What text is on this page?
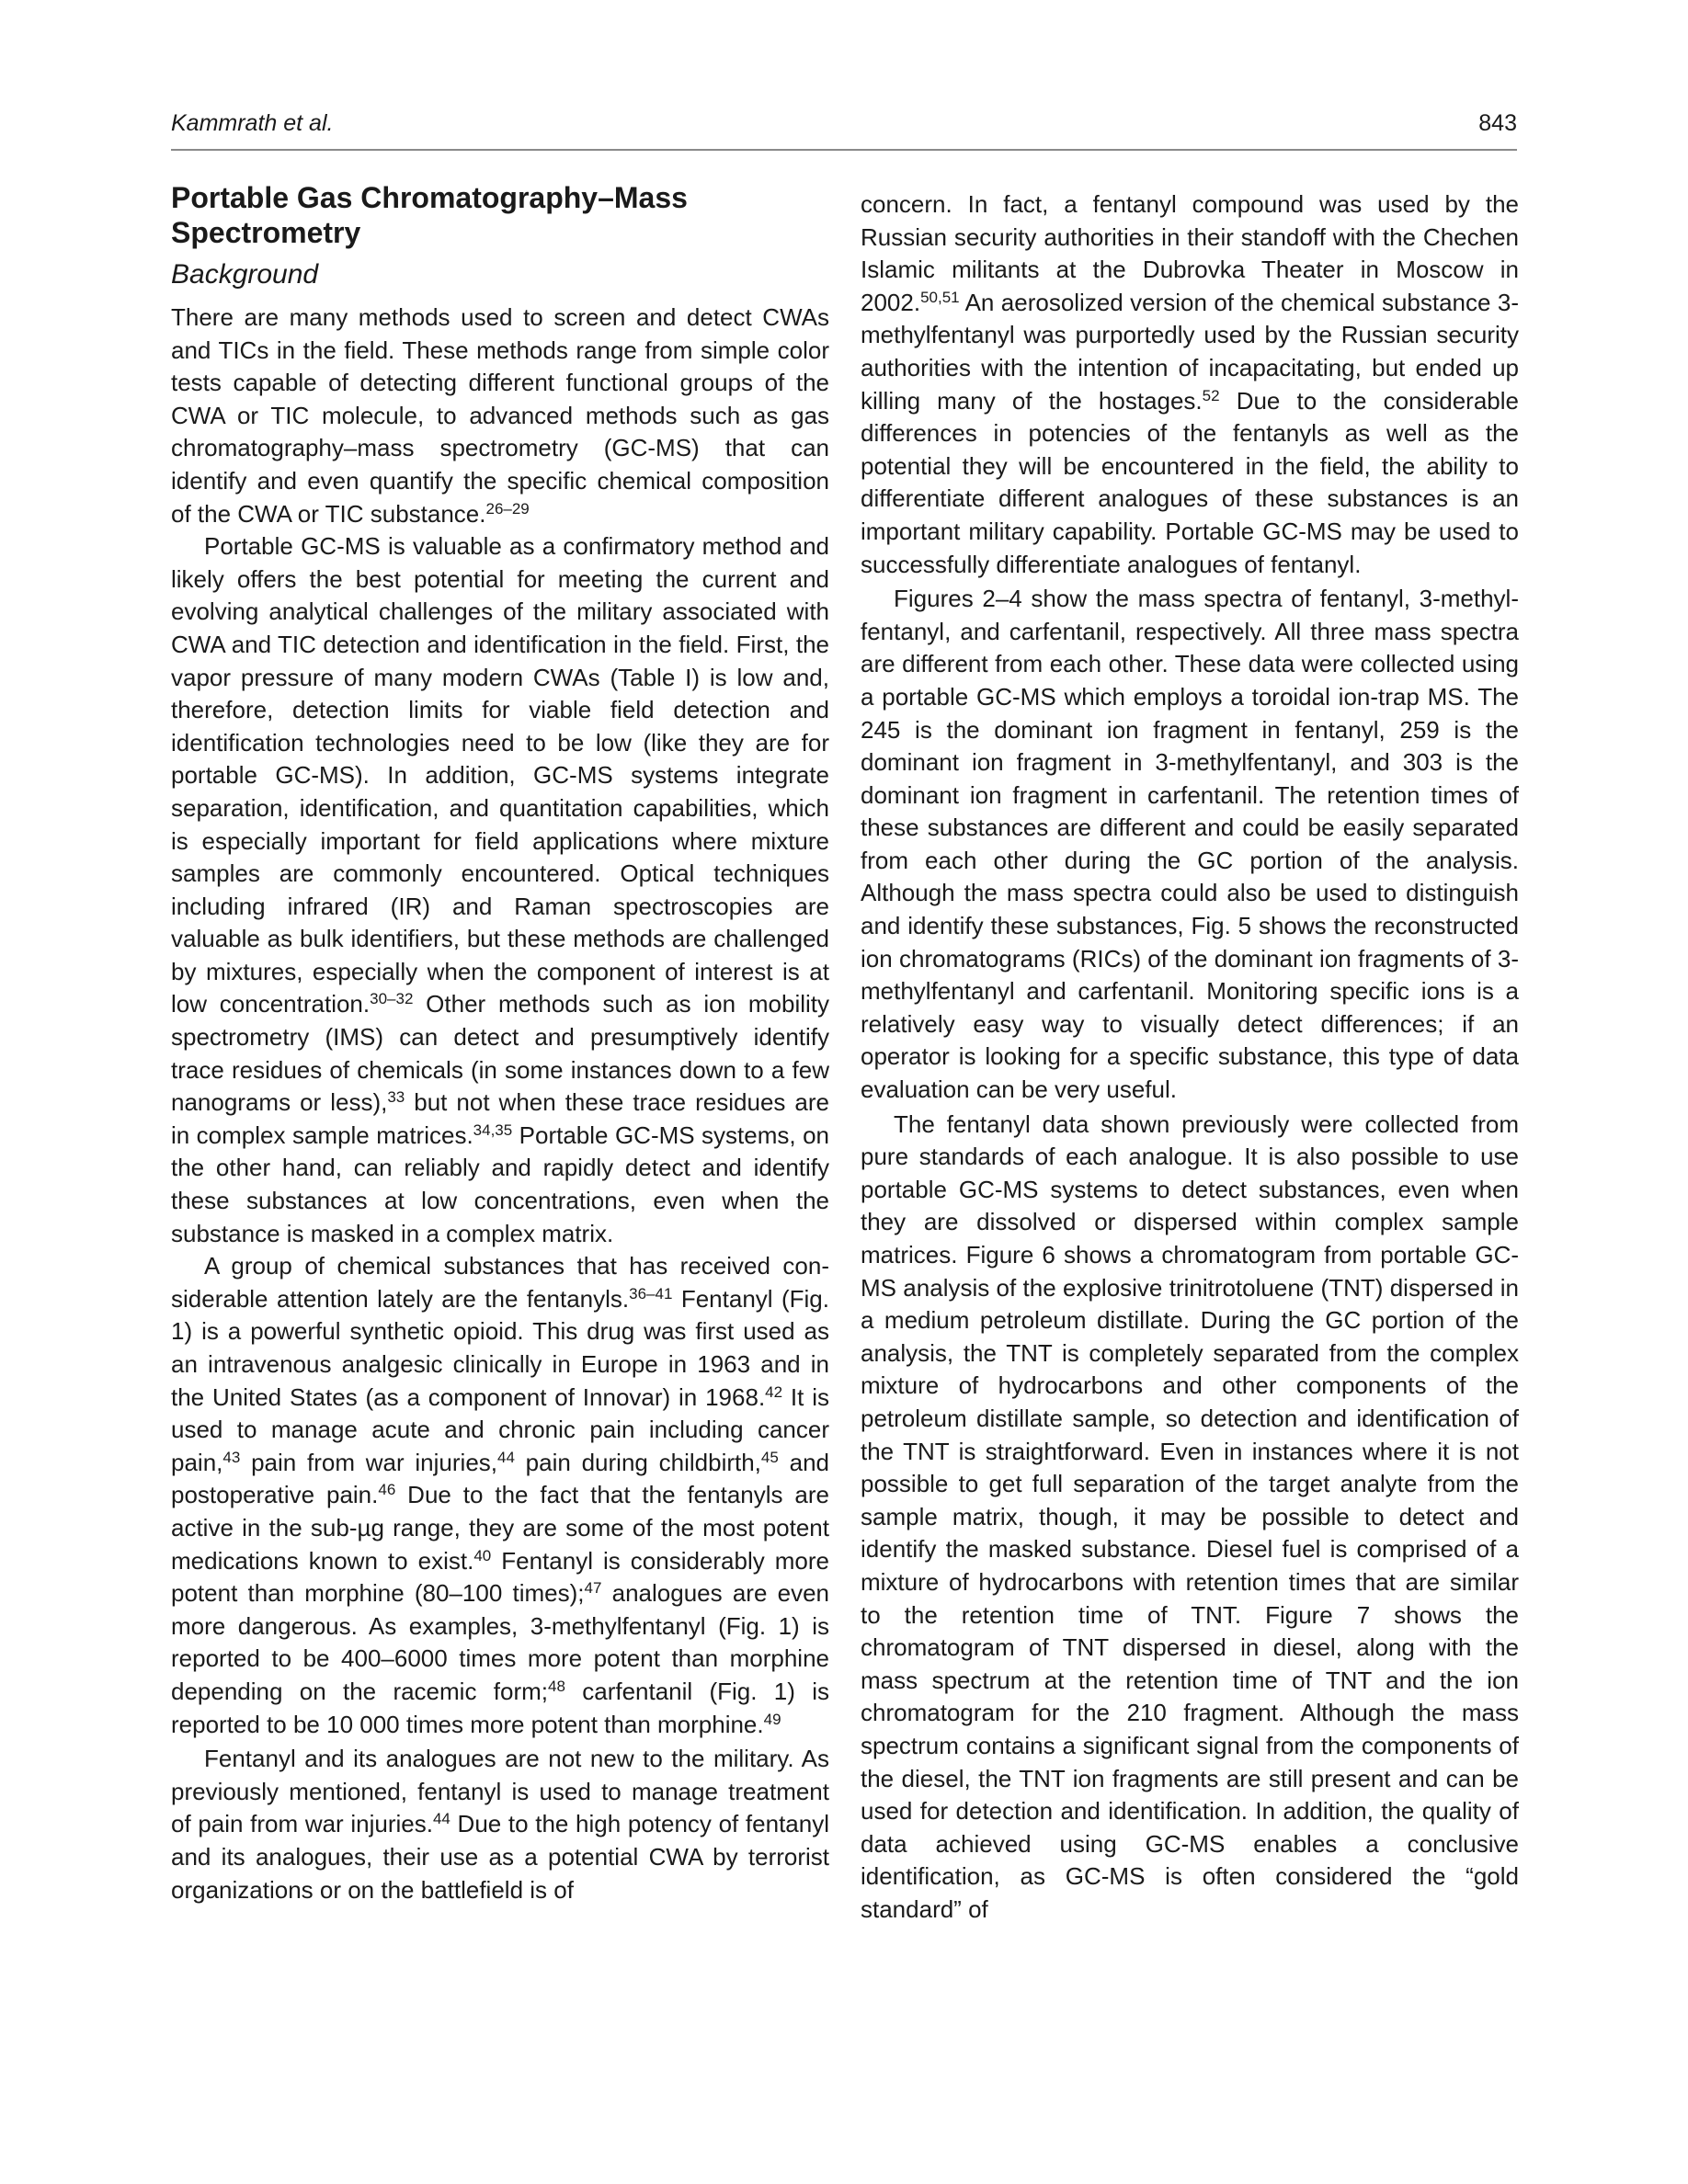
Kammrath et al.	843
Portable Gas Chromatography–Mass Spectrometry
Background

There are many methods used to screen and detect CWAs and TICs in the field. These methods range from simple color tests capable of detecting different functional groups of the CWA or TIC molecule, to advanced methods such as gas chromatography–mass spectrometry (GC-MS) that can identify and even quantify the specific chemical composition of the CWA or TIC substance.$^{26-29}$

Portable GC-MS is valuable as a confirmatory method and likely offers the best potential for meeting the current and evolving analytical challenges of the military associated with CWA and TIC detection and identification in the field. First, the vapor pressure of many modern CWAs (Table I) is low and, therefore, detection limits for viable field detection and identification technologies need to be low (like they are for portable GC-MS). In addition, GC-MS systems integrate separation, identification, and quantitation capabilities, which is especially important for field applications where mixture samples are commonly encountered. Optical techniques including infrared (IR) and Raman spectroscopies are valuable as bulk identifiers, but these methods are challenged by mixtures, especially when the component of interest is at low concentration.$^{30-32}$ Other methods such as ion mobility spectrometry (IMS) can detect and presumptively identify trace residues of chemicals (in some instances down to a few nanograms or less),$^{33}$ but not when these trace residues are in complex sample matrices.$^{34,35}$ Portable GC-MS systems, on the other hand, can reliably and rapidly detect and identify these substances at low concentrations, even when the substance is masked in a complex matrix.

A group of chemical substances that has received considerable attention lately are the fentanyls.$^{36-41}$ Fentanyl (Fig. 1) is a powerful synthetic opioid. This drug was first used as an intravenous analgesic clinically in Europe in 1963 and in the United States (as a component of Innovar) in 1968.42 It is used to manage acute and chronic pain including cancer pain,$^{43}$ pain from war injuries,$^{44}$ pain during childbirth,$^{45}$ and postoperative pain.$^{46}$ Due to the fact that the fentanyls are active in the sub-µg range, they are some of the most potent medications known to exist.$^{40}$ Fentanyl is considerably more potent than morphine (80–100 times);$^{47}$ analogues are even more dangerous. As examples, 3-methylfentanyl (Fig. 1) is reported to be 400–6000 times more potent than morphine depending on the racemic form;$^{48}$ carfentanil (Fig. 1) is reported to be 10 000 times more potent than morphine.$^{49}$

Fentanyl and its analogues are not new to the military. As previously mentioned, fentanyl is used to manage treatment of pain from war injuries.$^{44}$ Due to the high potency of fentanyl and its analogues, their use as a potential CWA by terrorist organizations or on the battlefield is of

concern. In fact, a fentanyl compound was used by the Russian security authorities in their standoff with the Chechen Islamic militants at the Dubrovka Theater in Moscow in 2002.$^{50,51}$ An aerosolized version of the chemical substance 3-methylfentanyl was purportedly used by the Russian security authorities with the intention of incapacitating, but ended up killing many of the hostages.$^{52}$ Due to the considerable differences in potencies of the fentanyls as well as the potential they will be encountered in the field, the ability to differentiate different analogues of these substances is an important military capability. Portable GC-MS may be used to successfully differentiate analogues of fentanyl.

Figures 2–4 show the mass spectra of fentanyl, 3-methylfentanyl, and carfentanil, respectively. All three mass spectra are different from each other. These data were collected using a portable GC-MS which employs a toroidal ion-trap MS. The 245 is the dominant ion fragment in fentanyl, 259 is the dominant ion fragment in 3-methylfentanyl, and 303 is the dominant ion fragment in carfentanil. The retention times of these substances are different and could be easily separated from each other during the GC portion of the analysis. Although the mass spectra could also be used to distinguish and identify these substances, Fig. 5 shows the reconstructed ion chromatograms (RICs) of the dominant ion fragments of 3-methylfentanyl and carfentanil. Monitoring specific ions is a relatively easy way to visually detect differences; if an operator is looking for a specific substance, this type of data evaluation can be very useful.

The fentanyl data shown previously were collected from pure standards of each analogue. It is also possible to use portable GC-MS systems to detect substances, even when they are dissolved or dispersed within complex sample matrices. Figure 6 shows a chromatogram from portable GC-MS analysis of the explosive trinitrotoluene (TNT) dispersed in a medium petroleum distillate. During the GC portion of the analysis, the TNT is completely separated from the complex mixture of hydrocarbons and other components of the petroleum distillate sample, so detection and identification of the TNT is straightforward. Even in instances where it is not possible to get full separation of the target analyte from the sample matrix, though, it may be possible to detect and identify the masked substance. Diesel fuel is comprised of a mixture of hydrocarbons with retention times that are similar to the retention time of TNT. Figure 7 shows the chromatogram of TNT dispersed in diesel, along with the mass spectrum at the retention time of TNT and the ion chromatogram for the 210 fragment. Although the mass spectrum contains a significant signal from the components of the diesel, the TNT ion fragments are still present and can be used for detection and identification. In addition, the quality of data achieved using GC-MS enables a conclusive identification, as GC-MS is often considered the “gold standard” of
